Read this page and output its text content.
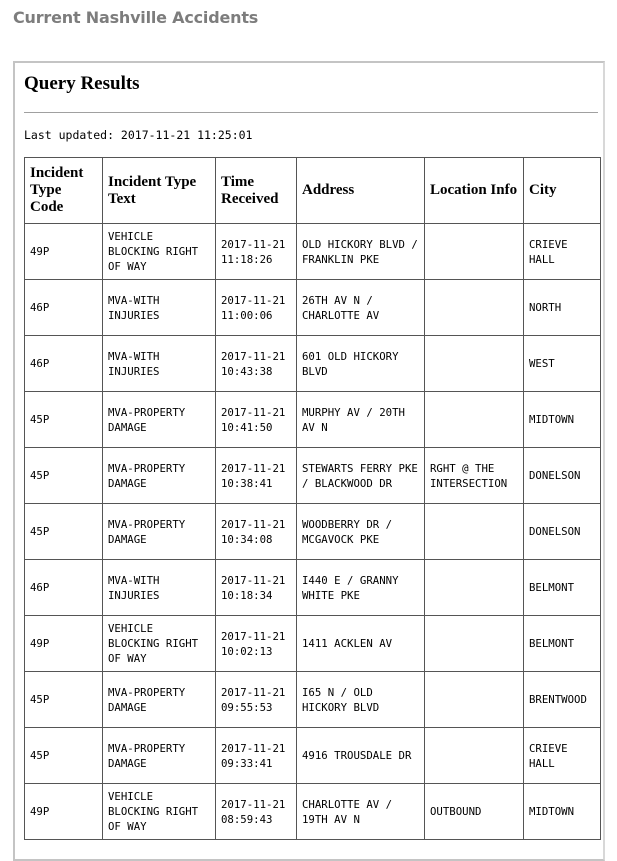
Current Nashville Accidents
Query Results
Last updated: 2017-11-21 11:25:01
Incident Type Code	Incident Type Text	Time Received	Address	Location Info	City
49P	VEHICLE BLOCKING RIGHT OF WAY	2017-11-21 11:18:26	OLD HICKORY BLVD / FRANKLIN PKE		CRIEVE HALL
46P	MVA-WITH INJURIES	2017-11-21 11:00:06	26TH AV N / CHARLOTTE AV		NORTH
46P	MVA-WITH INJURIES	2017-11-21 10:43:38	601 OLD HICKORY BLVD		WEST
45P	MVA-PROPERTY DAMAGE	2017-11-21 10:41:50	MURPHY AV / 20TH AV N		MIDTOWN
45P	MVA-PROPERTY DAMAGE	2017-11-21 10:38:41	STEWARTS FERRY PKE / BLACKWOOD DR	RGHT @ THE INTERSECTION	DONELSON
45P	MVA-PROPERTY DAMAGE	2017-11-21 10:34:08	WOODBERRY DR / MCGAVOCK PKE		DONELSON
46P	MVA-WITH INJURIES	2017-11-21 10:18:34	I440 E / GRANNY WHITE PKE		BELMONT
49P	VEHICLE BLOCKING RIGHT OF WAY	2017-11-21 10:02:13	1411 ACKLEN AV		BELMONT
45P	MVA-PROPERTY DAMAGE	2017-11-21 09:55:53	I65 N / OLD HICKORY BLVD		BRENTWOOD
45P	MVA-PROPERTY DAMAGE	2017-11-21 09:33:41	4916 TROUSDALE DR		CRIEVE HALL
49P	VEHICLE BLOCKING RIGHT OF WAY	2017-11-21 08:59:43	CHARLOTTE AV / 19TH AV N	OUTBOUND	MIDTOWN
